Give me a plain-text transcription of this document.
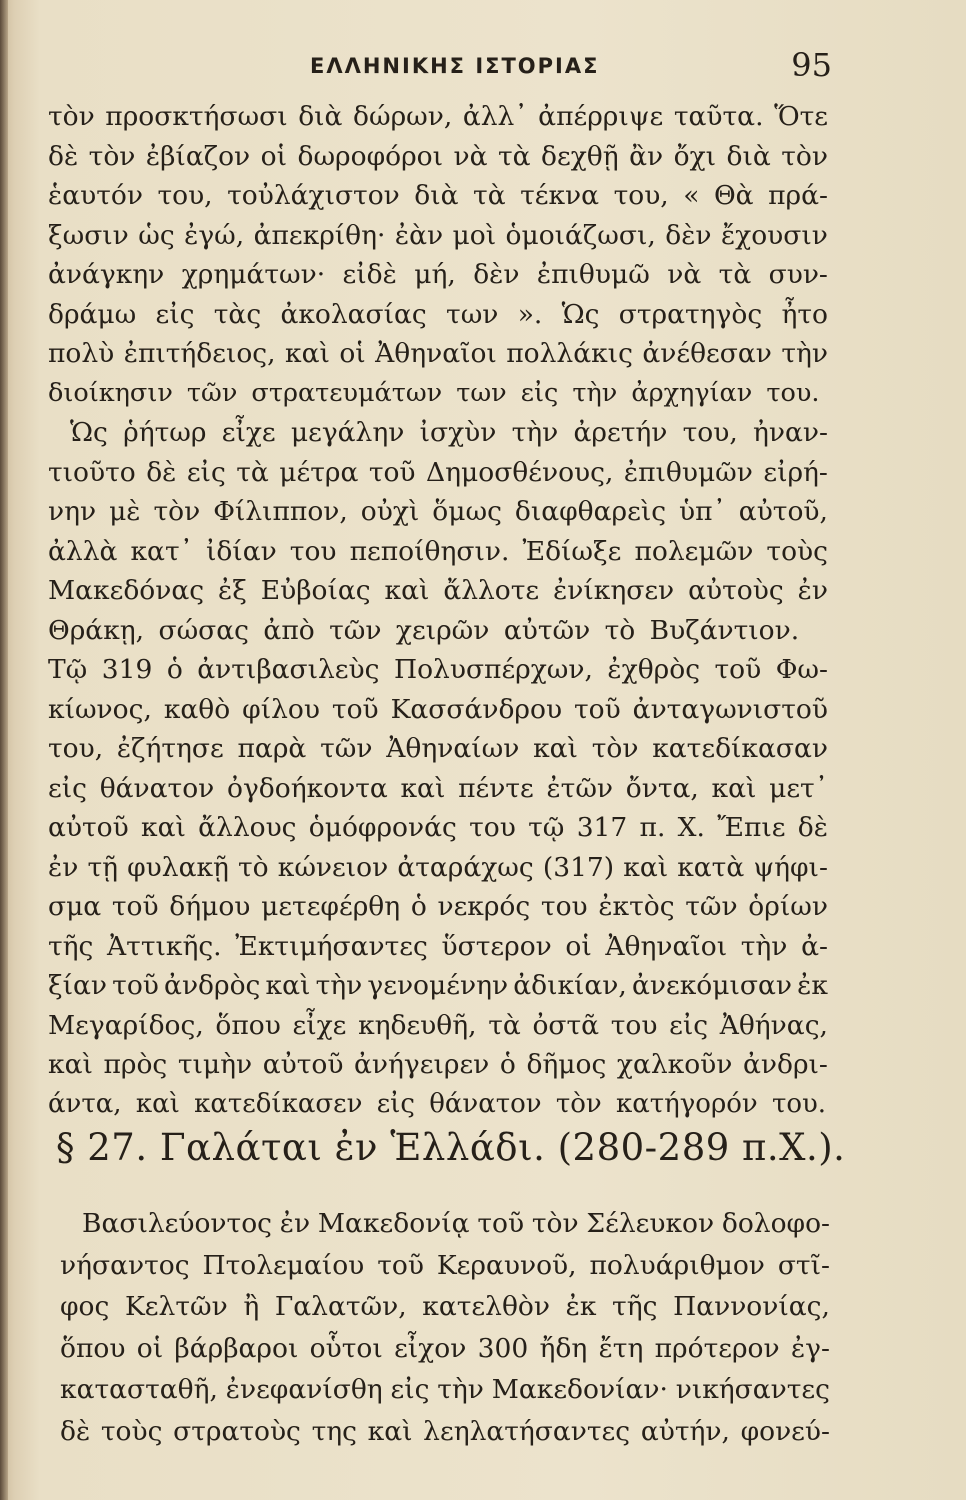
ΕΛΛΗΝΙΚΗΣ ΙΣΤΟΡΙΑΣ	95
τὸν προσκτήσωσι διὰ δώρων, ἀλλ᾿ ἀπέρριψε ταῦτα. Ὅτε
δὲ τὸν ἐβίαζον οἱ δωροφόροι νὰ τὰ δεχθῇ ἂν ὄχι διὰ τὸν
ἑαυτόν του, τοὐλάχιστον διὰ τὰ τέκνα του, « Θὰ πρά-
ξωσιν ὡς ἐγώ, ἀπεκρίθη· ἐὰν μοὶ ὁμοιάζωσι, δὲν ἔχουσιν
ἀνάγκην χρημάτων· εἰδὲ μή, δὲν ἐπιθυμῶ νὰ τὰ συν-
δράμω εἰς τὰς ἀκολασίας των ». Ὡς στρατηγὸς ἦτο
πολὺ ἐπιτήδειος, καὶ οἱ Ἀθηναῖοι πολλάκις ἀνέθεσαν τὴν
διοίκησιν τῶν στρατευμάτων των εἰς τὴν ἀρχηγίαν του.
Ὡς ῥήτωρ εἶχε μεγάλην ἰσχὺν τὴν ἀρετήν του, ἠναν-
τιοῦτο δὲ εἰς τὰ μέτρα τοῦ Δημοσθένους, ἐπιθυμῶν εἰρή-
νην μὲ τὸν Φίλιππον, οὐχὶ ὅμως διαφθαρεὶς ὑπ᾿ αὐτοῦ,
ἀλλὰ κατ᾿ ἰδίαν του πεποίθησιν. Ἐδίωξε πολεμῶν τοὺς
Μακεδόνας ἐξ Εὐβοίας καὶ ἄλλοτε ἐνίκησεν αὐτοὺς ἐν
Θράκῃ, σώσας ἀπὸ τῶν χειρῶν αὐτῶν τὸ Βυζάντιον.
Τῷ 319 ὁ ἀντιβασιλεὺς Πολυσπέρχων, ἐχθρὸς τοῦ Φω-
κίωνος, καθὸ φίλου τοῦ Κασσάνδρου τοῦ ἀνταγωνιστοῦ
του, ἐζήτησε παρὰ τῶν Ἀθηναίων καὶ τὸν κατεδίκασαν
εἰς θάνατον ὀγδοήκοντα καὶ πέντε ἐτῶν ὄντα, καὶ μετ᾿
αὐτοῦ καὶ ἄλλους ὁμόφρονάς του τῷ 317 π. Χ. Ἔπιε δὲ
ἐν τῇ φυλακῇ τὸ κώνειον ἀταράχως (317) καὶ κατὰ ψήφι-
σμα τοῦ δήμου μετεφέρθη ὁ νεκρός του ἐκτὸς τῶν ὁρίων
τῆς Ἀττικῆς. Ἐκτιμήσαντες ὕστερον οἱ Ἀθηναῖοι τὴν ἀ-
ξίαν τοῦ ἀνδρὸς καὶ τὴν γενομένην ἀδικίαν, ἀνεκόμισαν ἐκ
Μεγαρίδος, ὅπου εἶχε κηδευθῆ, τὰ ὀστᾶ του εἰς Ἀθήνας,
καὶ πρὸς τιμὴν αὐτοῦ ἀνήγειρεν ὁ δῆμος χαλκοῦν ἀνδρι-
άντα, καὶ κατεδίκασεν εἰς θάνατον τὸν κατήγορόν του.
§ 27. Γαλάται ἐν Ἑλλάδι. (280-289 π.Χ.).
Βασιλεύοντος ἐν Μακεδονίᾳ τοῦ τὸν Σέλευκον δολοφο-
νήσαντος Πτολεμαίου τοῦ Κεραυνοῦ, πολυάριθμον στῖ-
φος Κελτῶν ἢ Γαλατῶν, κατελθὸν ἐκ τῆς Παννονίας,
ὅπου οἱ βάρβαροι οὗτοι εἶχον 300 ἤδη ἔτη πρότερον ἐγ-
κατασταθῆ, ἐνεφανίσθη εἰς τὴν Μακεδονίαν· νικήσαντες
δὲ τοὺς στρατοὺς της καὶ λεηλατήσαντες αὐτήν, φονεύ-
